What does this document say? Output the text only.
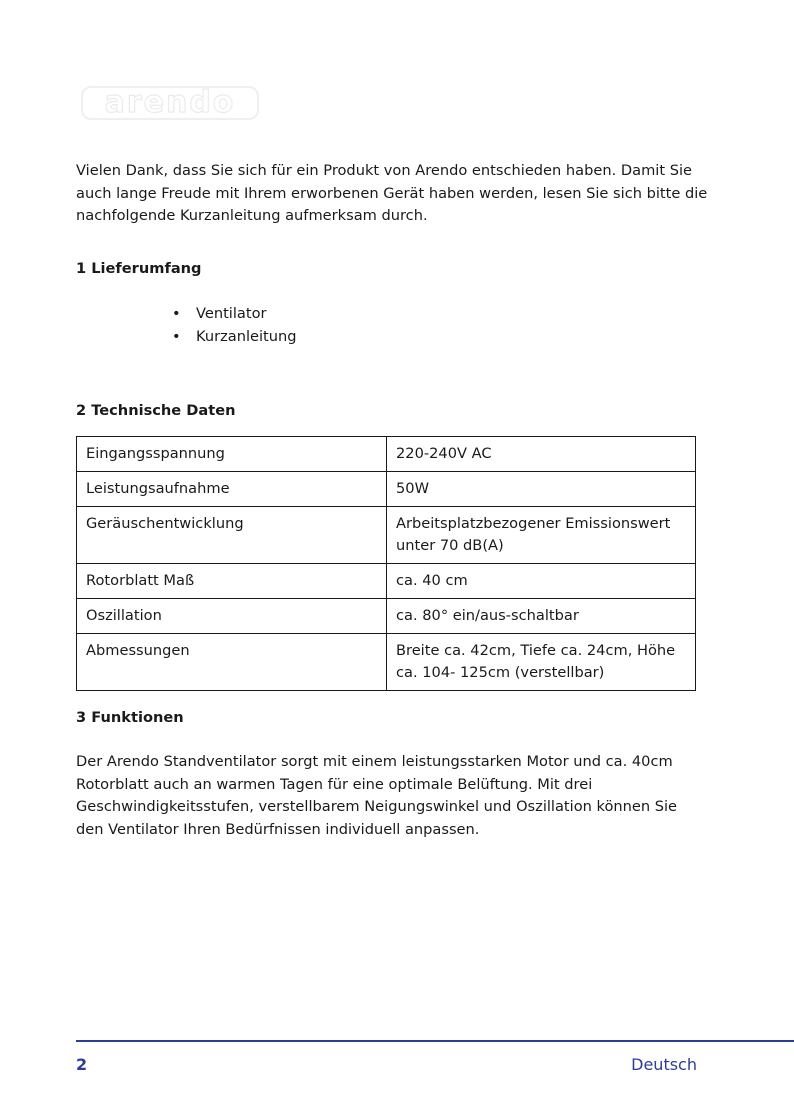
arendo

Vielen Dank, dass Sie sich für ein Produkt von Arendo entschieden haben. Damit Sie auch lange Freude mit Ihrem erworbenen Gerät haben werden, lesen Sie sich bitte die nachfolgende Kurzanleitung aufmerksam durch.

1 Lieferumfang
• Ventilator
• Kurzanleitung
2 Technische Daten
Eingangsspannung	220-240V AC
Leistungsaufnahme	50W
Geräuschentwicklung	Arbeitsplatzbezogener Emissionswert unter 70 dB(A)
Rotorblatt Maß	ca. 40 cm
Oszillation	ca. 80° ein/aus-schaltbar
Abmessungen	Breite ca. 42cm, Tiefe ca. 24cm, Höhe ca. 104- 125cm (verstellbar)
3 Funktionen

Der Arendo Standventilator sorgt mit einem leistungsstarken Motor und ca. 40cm Rotorblatt auch an warmen Tagen für eine optimale Belüftung. Mit drei Geschwindigkeitsstufen, verstellbarem Neigungswinkel und Oszillation können Sie den Ventilator Ihren Bedürfnissen individuell anpassen.

2	Deutsch
